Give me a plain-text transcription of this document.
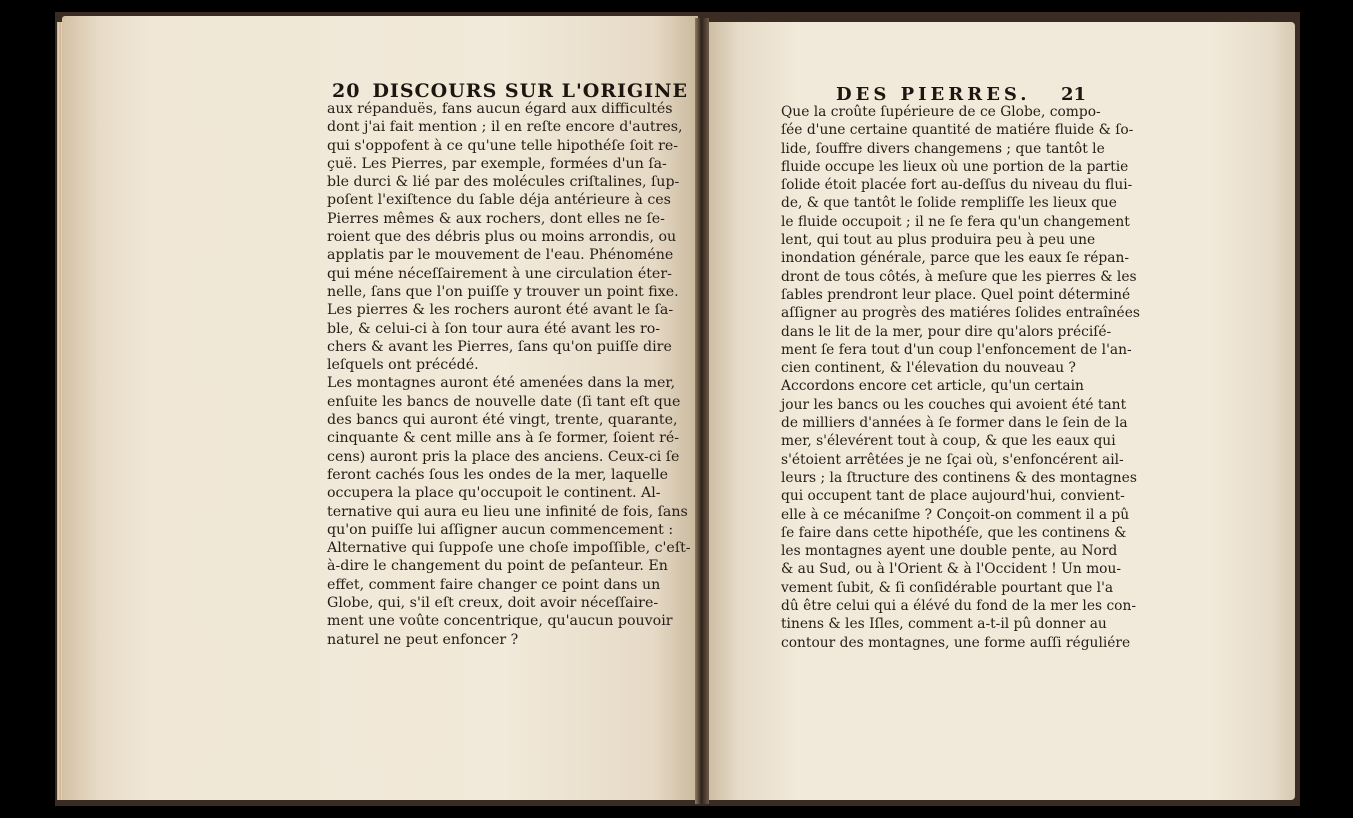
20 DISCOURS SUR L'ORIGINE	DES PIERRES. 21

aux répanduës, fans aucun égard aux difficultés
dont j'ai fait mention ; il en reſte encore d'autres,
qui s'oppofent à ce qu'une telle hipothéſe ſoit re-
çuë. Les Pierres, par exemple, formées d'un ſa-
ble durci & lié par des molécules criſtalines, ſup-
poſent l'exiſtence du ſable déja antérieure à ces
Pierres mêmes & aux rochers, dont elles ne ſe-
roient que des débris plus ou moins arrondis, ou
applatis par le mouvement de l'eau. Phénoméne
qui méne néceſſairement à une circulation éter-
nelle, ſans que l'on puiſſe y trouver un point fixe.
Les pierres & les rochers auront été avant le ſa-
ble, & celui-ci à ſon tour aura été avant les ro-
chers & avant les Pierres, ſans qu'on puiſſe dire
leſquels ont précédé.

Les montagnes auront été amenées dans la mer,
enſuite les bancs de nouvelle date (ſi tant eſt que
des bancs qui auront été vingt, trente, quarante,
cinquante & cent mille ans à ſe former, ſoient ré-
cens) auront pris la place des anciens. Ceux-ci ſe
feront cachés ſous les ondes de la mer, laquelle
occupera la place qu'occupoit le continent. Al-
ternative qui aura eu lieu une infinité de fois, ſans
qu'on puiſſe lui aſſigner aucun commencement :
Alternative qui ſuppoſe une choſe impoſſible, c'eſt-
à-dire le changement du point de peſanteur. En
effet, comment faire changer ce point dans un
Globe, qui, s'il eſt creux, doit avoir néceſſaire-
ment une voûte concentrique, qu'aucun pouvoir
naturel ne peut enfoncer ?

Que la croûte ſupérieure de ce Globe, compo-
ſée d'une certaine quantité de matiére fluide & ſo-
lide, ſouffre divers changemens ; que tantôt le
fluide occupe les lieux où une portion de la partie
ſolide étoit placée fort au-deſſus du niveau du flui-
de, & que tantôt le ſolide rempliſſe les lieux que
le fluide occupoit ; il ne ſe fera qu'un changement
lent, qui tout au plus produira peu à peu une
inondation générale, parce que les eaux ſe répan-
dront de tous côtés, à meſure que les pierres & les
ſables prendront leur place. Quel point déterminé
aſſigner au progrès des matiéres ſolides entraînées
dans le lit de la mer, pour dire qu'alors préciſé-
ment ſe fera tout d'un coup l'enfoncement de l'an-
cien continent, & l'élevation du nouveau ?

Accordons encore cet article, qu'un certain
jour les bancs ou les couches qui avoient été tant
de milliers d'années à ſe former dans le ſein de la
mer, s'élevérent tout à coup, & que les eaux qui
s'étoient arrêtées je ne ſçai où, s'enfoncérent ail-
leurs ; la ſtructure des continens & des montagnes
qui occupent tant de place aujourd'hui, convient-
elle à ce mécaniſme ? Conçoit-on comment il a pû
ſe faire dans cette hipothéſe, que les continens &
les montagnes ayent une double pente, au Nord
& au Sud, ou à l'Orient & à l'Occident ! Un mou-
vement ſubit, & ſi conſidérable pourtant que l'a
dû être celui qui a élévé du fond de la mer les con-
tinens & les Iſles, comment a-t-il pû donner au
contour des montagnes, une forme auſſi réguliére
